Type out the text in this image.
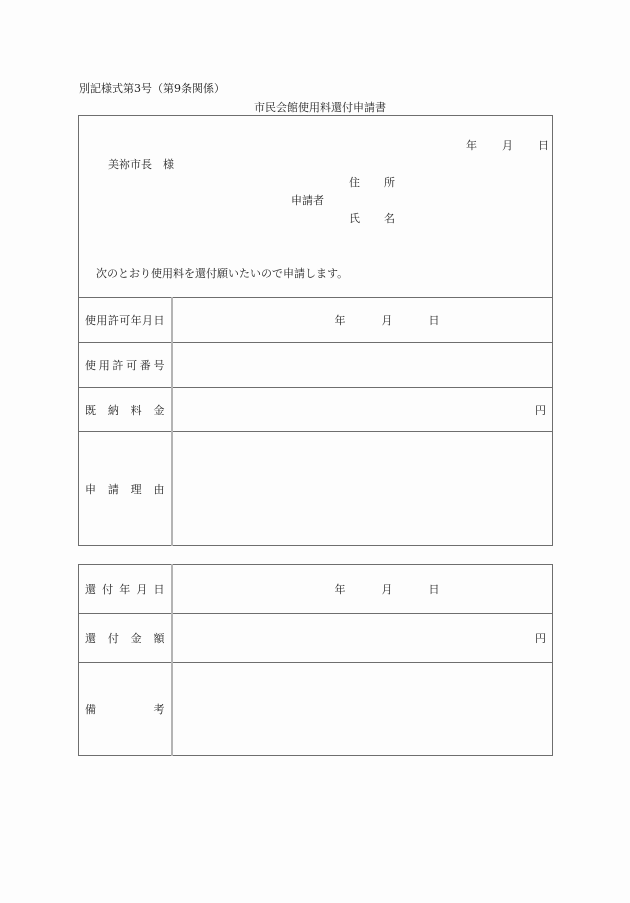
別記様式第3号（第9条関係）
市民会館使用料還付申請書
年 月 日
美祢市長　様
住 所
申請者
氏 名
次のとおり使用料を還付願いたいので申請します。
使 用 許 可 年 月 日	年	月	日

使 用 許 可 番 号

既 納 料 金	円

申 請 理 由	

還 付 年 月 日	年 月 日

還 付 金 額	円

備 考	
